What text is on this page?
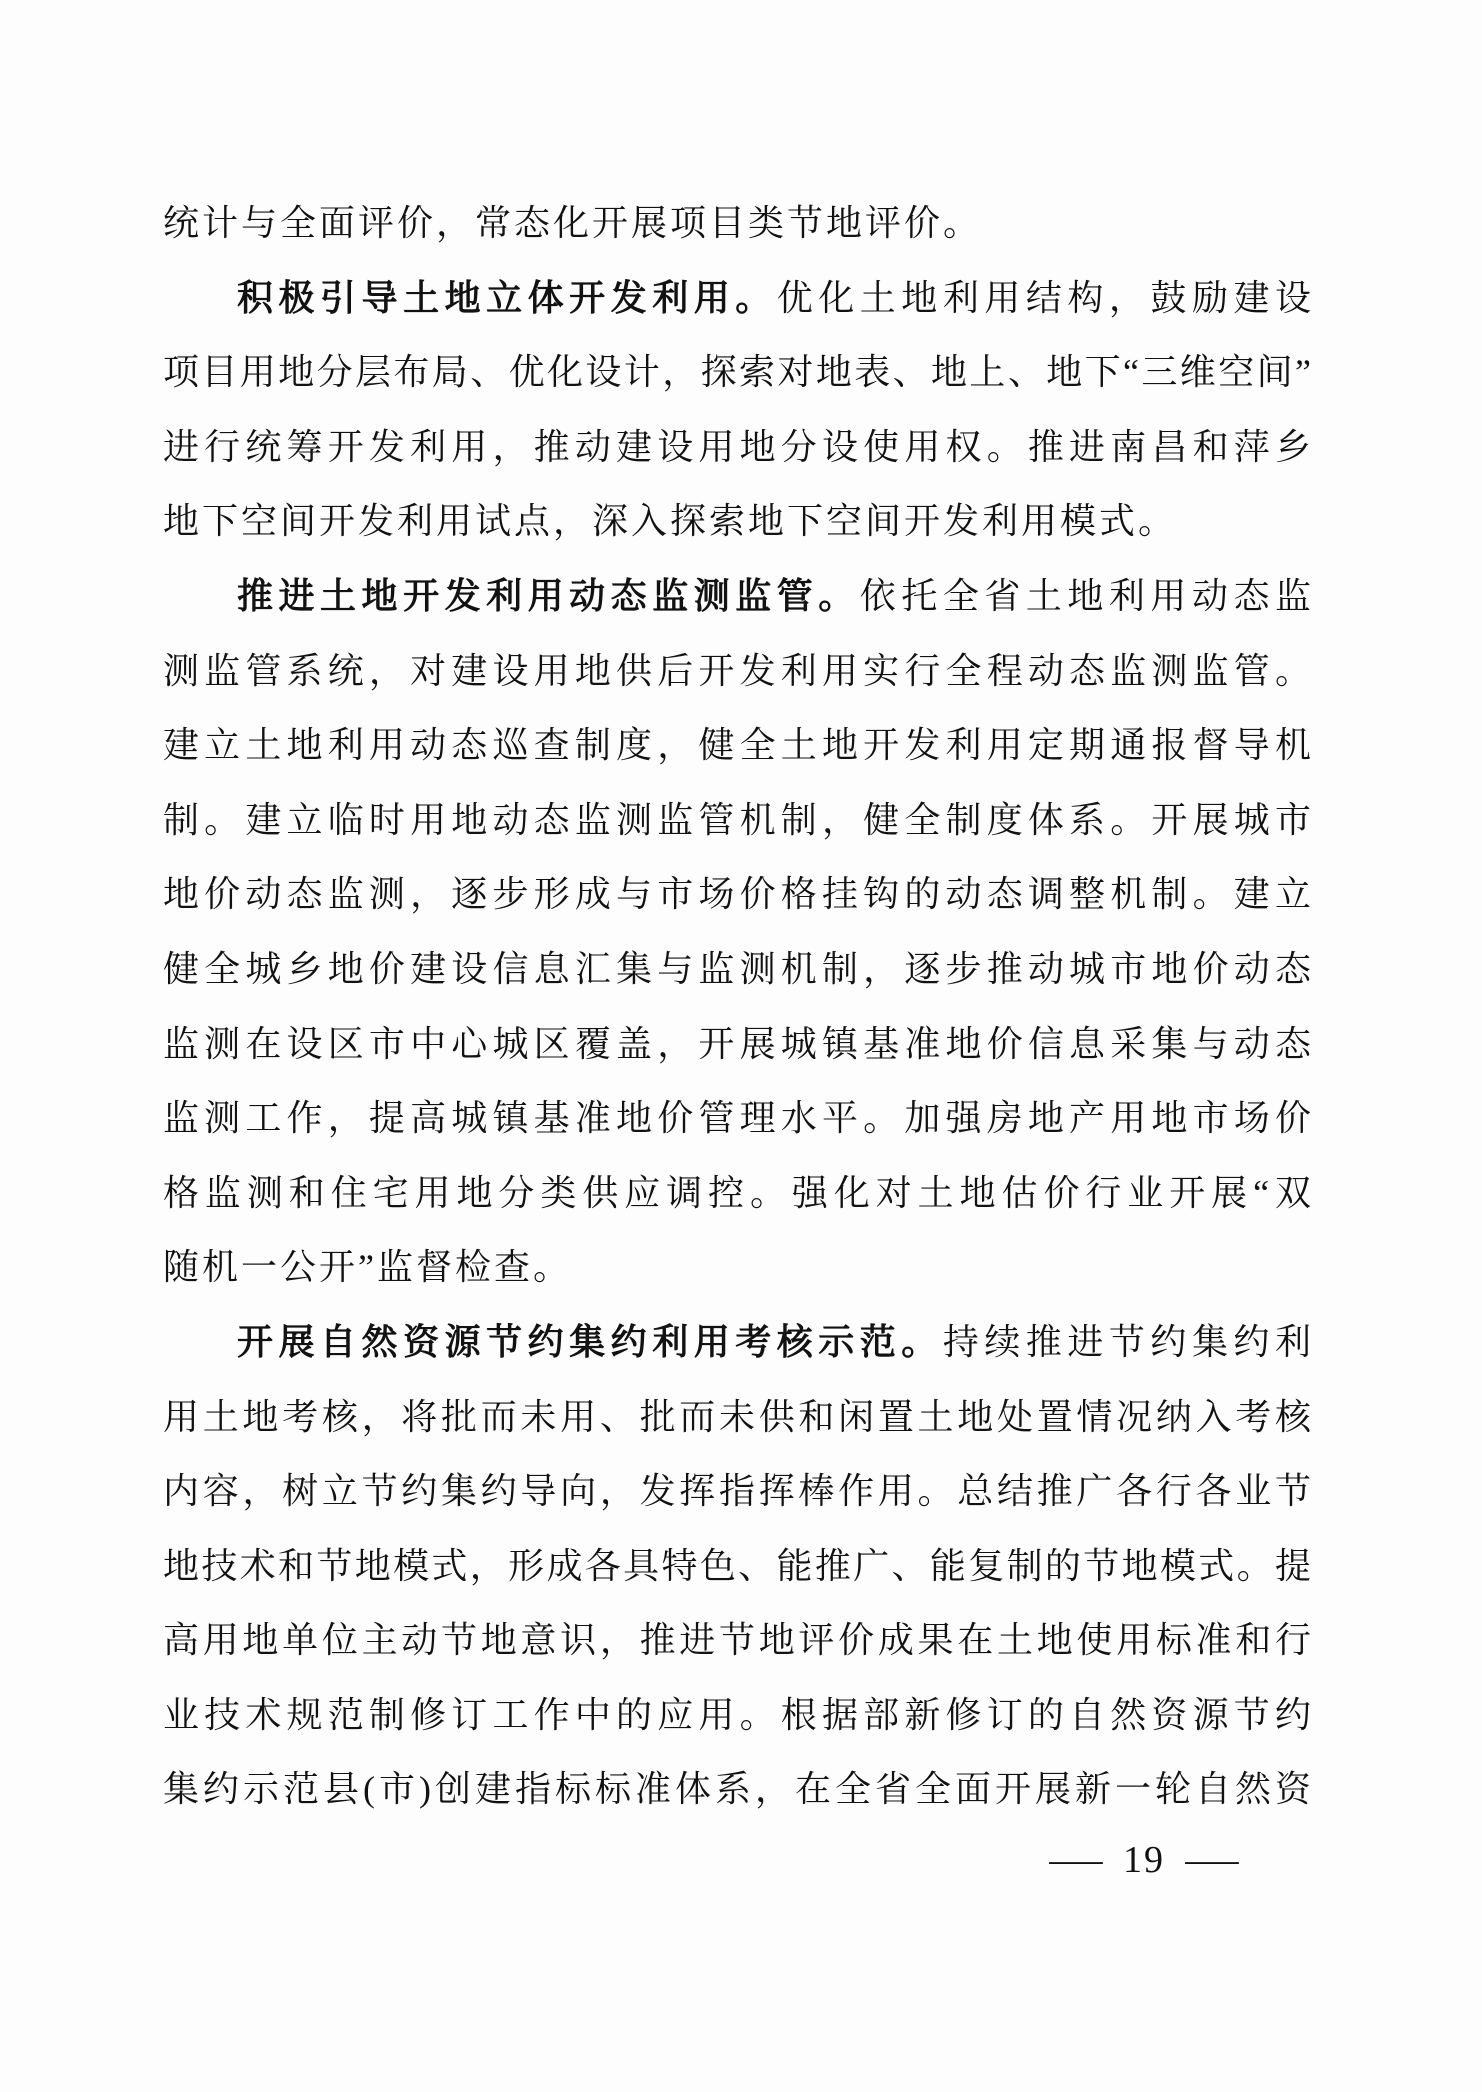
统计与全面评价，常态化开展项目类节地评价。
积极引导土地立体开发利用。优化土地利用结构，鼓励建设
项目用地分层布局、优化设计，探索对地表、地上、地下“三维空间”
进行统筹开发利用，推动建设用地分设使用权。推进南昌和萍乡
地下空间开发利用试点，深入探索地下空间开发利用模式。
推进土地开发利用动态监测监管。依托全省土地利用动态监
测监管系统，对建设用地供后开发利用实行全程动态监测监管。
建立土地利用动态巡查制度，健全土地开发利用定期通报督导机
制。建立临时用地动态监测监管机制，健全制度体系。开展城市
地价动态监测，逐步形成与市场价格挂钩的动态调整机制。建立
健全城乡地价建设信息汇集与监测机制，逐步推动城市地价动态
监测在设区市中心城区覆盖，开展城镇基准地价信息采集与动态
监测工作，提高城镇基准地价管理水平。加强房地产用地市场价
格监测和住宅用地分类供应调控。强化对土地估价行业开展“双
随机一公开”监督检查。
开展自然资源节约集约利用考核示范。持续推进节约集约利
用土地考核，将批而未用、批而未供和闲置土地处置情况纳入考核
内容，树立节约集约导向，发挥指挥棒作用。总结推广各行各业节
地技术和节地模式，形成各具特色、能推广、能复制的节地模式。提
高用地单位主动节地意识，推进节地评价成果在土地使用标准和行
业技术规范制修订工作中的应用。根据部新修订的自然资源节约
集约示范县(市)创建指标标准体系，在全省全面开展新一轮自然资
— 19 —
